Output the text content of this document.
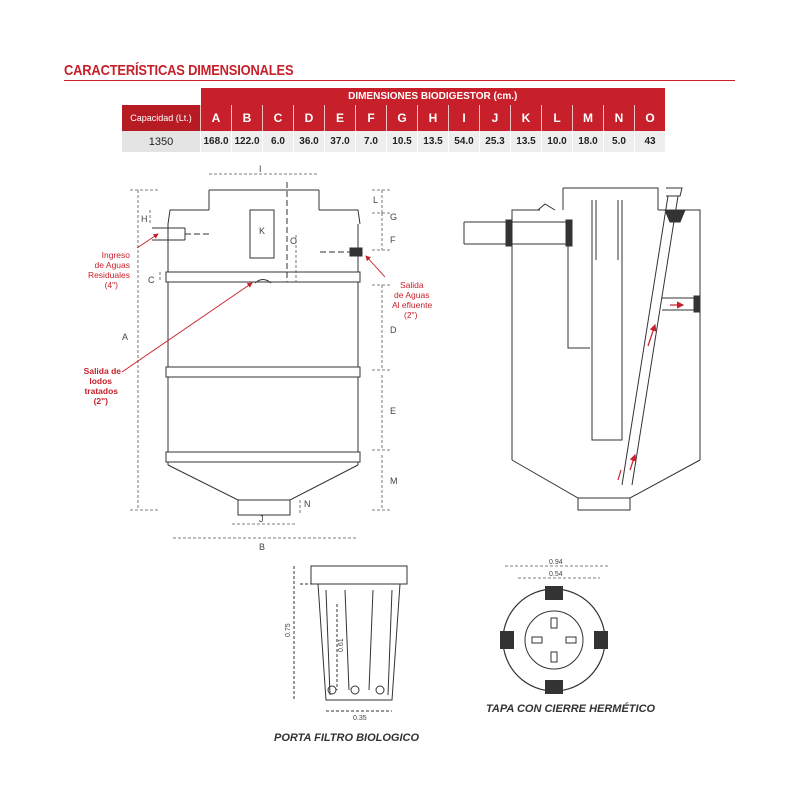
CARACTERÍSTICAS DIMENSIONALES
	DIMENSIONES BIODIGESTOR (cm.)														
Capacidad (Lt.)	A	B	C	D	E	F	G	H	I	J	K	L	M	N	O
1350	168.0	122.0	6.0	36.0	37.0	7.0	10.5	13.5	54.0	25.3	13.5	10.0	18.0	5.0	43
I
L
G
H
K
O	F
C
A
D
E
M
N
J
B
Ingreso
de Aguas
Residuales
(4")	Salida
de Aguas
Al efluente
(2")
Salida de
lodos
tratados
(2")
0.75
0.61
0.35
PORTA FILTRO BIOLOGICO
0.94
0.54
TAPA CON CIERRE HERMÉTICO
